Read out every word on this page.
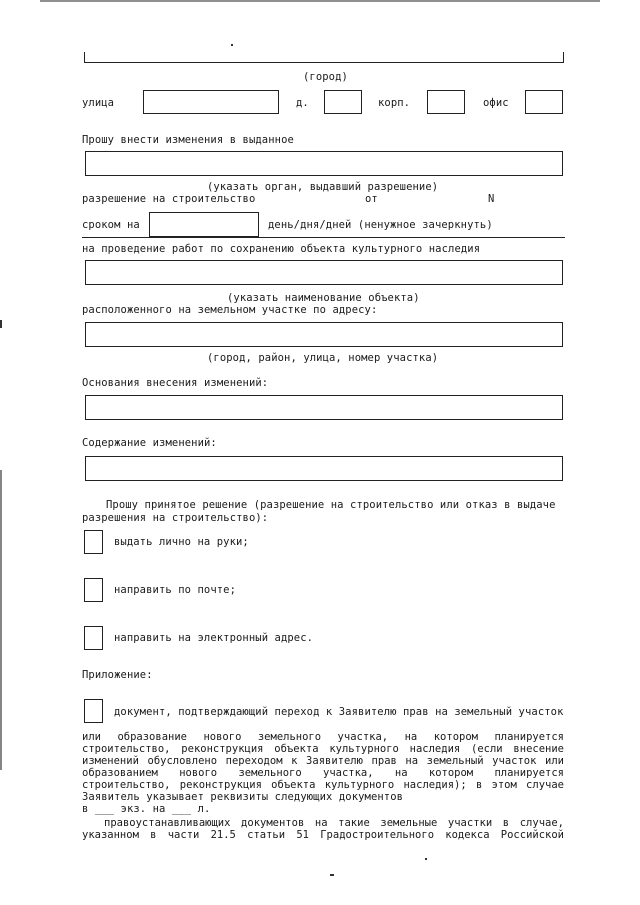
(город)
улица	д.	корп.	офис
Прошу внести изменения в выданное
(указать орган, выдавший разрешение)
разрешение на строительство	от	N
сроком на	день/дня/дней (ненужное зачеркнуть)
на проведение работ по сохранению объекта культурного наследия
(указать наименование объекта)
расположенного на земельном участке по адресу:
(город, район, улица, номер участка)
Основания внесения изменений:
Содержание изменений:
Прошу принятое решение (разрешение на строительство или отказ в выдаче
разрешения на строительство):
выдать лично на руки;
направить по почте;
направить на электронный адрес.
Приложение:
документ, подтверждающий переход к Заявителю прав на земельный участок
или образование нового земельного участка, на котором планируется
строительство, реконструкция объекта культурного наследия (если внесение
изменений обусловлено переходом к Заявителю прав на земельный участок или
образованием нового земельного участка, на котором планируется
строительство, реконструкция объекта культурного наследия); в этом случае
Заявитель указывает реквизиты следующих документов
в ___ экз. на ___ л.
правоустанавливающих документов на такие земельные участки в случае,
указанном в части 21.5 статьи 51 Градостроительного кодекса Российской
